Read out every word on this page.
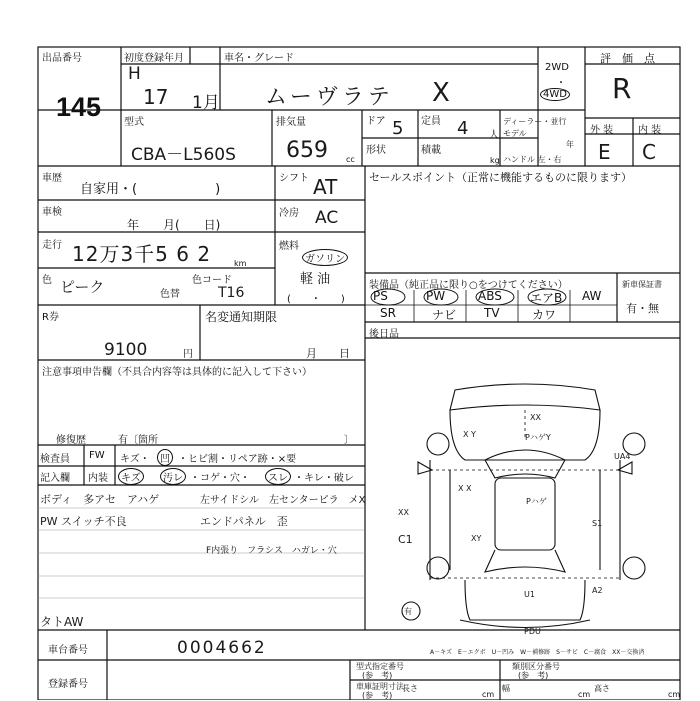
出品番号
145
初度登録年月
H
17 1月
車名・グレード
ムーヴラテ X
2WD
・
4WD
評　価　点
R
型式
CBA－L560S
排気量
659 cc
ドア 5 定員 4 人
ディーラー・並行
モデル
年
形状	積載
kg ハンドル 左・右
外 装 内 装
E C
車歴
自家用・(　　　　　　)
車検
年　　月(　　日)
走行 12万3千5 6 2	km
色 ピーク	色替
色コード
T16
シフト AT
冷房 AC
燃料
ガソリン
軽 油
(　　・　　)
セールスポイント（正常に機能するものに限ります）
装備品（純正品に限り○をつけてください）
PS	PW	ABS エアB AW
SR	ナビ TV	カワ
新車保証書
有・無
後日品
R券
9100	円
名変通知期限
月　　日
注意事項申告欄（不具合内容等は具体的に記入して下さい）
修復歴	有〔箇所	〕
検査員
記入欄
FW キズ・	凹 ・ヒビ割・リペア跡・×要
内装	キズ	汚レ ・コゲ・穴・	スレ ・キレ・破レ
ボディ　多アセ　アハゲ	左サイドシル　左センターピラ　メX
PW スイッチ不良	エンドパネル　歪
F内張り　フラシス　ハガレ・穴
タトAW
XX
X Y	PハゲY
UA4
X X
Pハゲ
S1
XX
C1	XY
U1	A2
有
PDU
A－キズ　E－エクボ　U－凹み　W－補修跡　S－サビ　C－腐食　XX－交換済
車台番号	0004662
登録番号
型式指定番号
(参　考)
類別区分番号
(参　考)
車庫証明寸法
(参　考)
長さ
cm
幅
cm
高さ
cm
